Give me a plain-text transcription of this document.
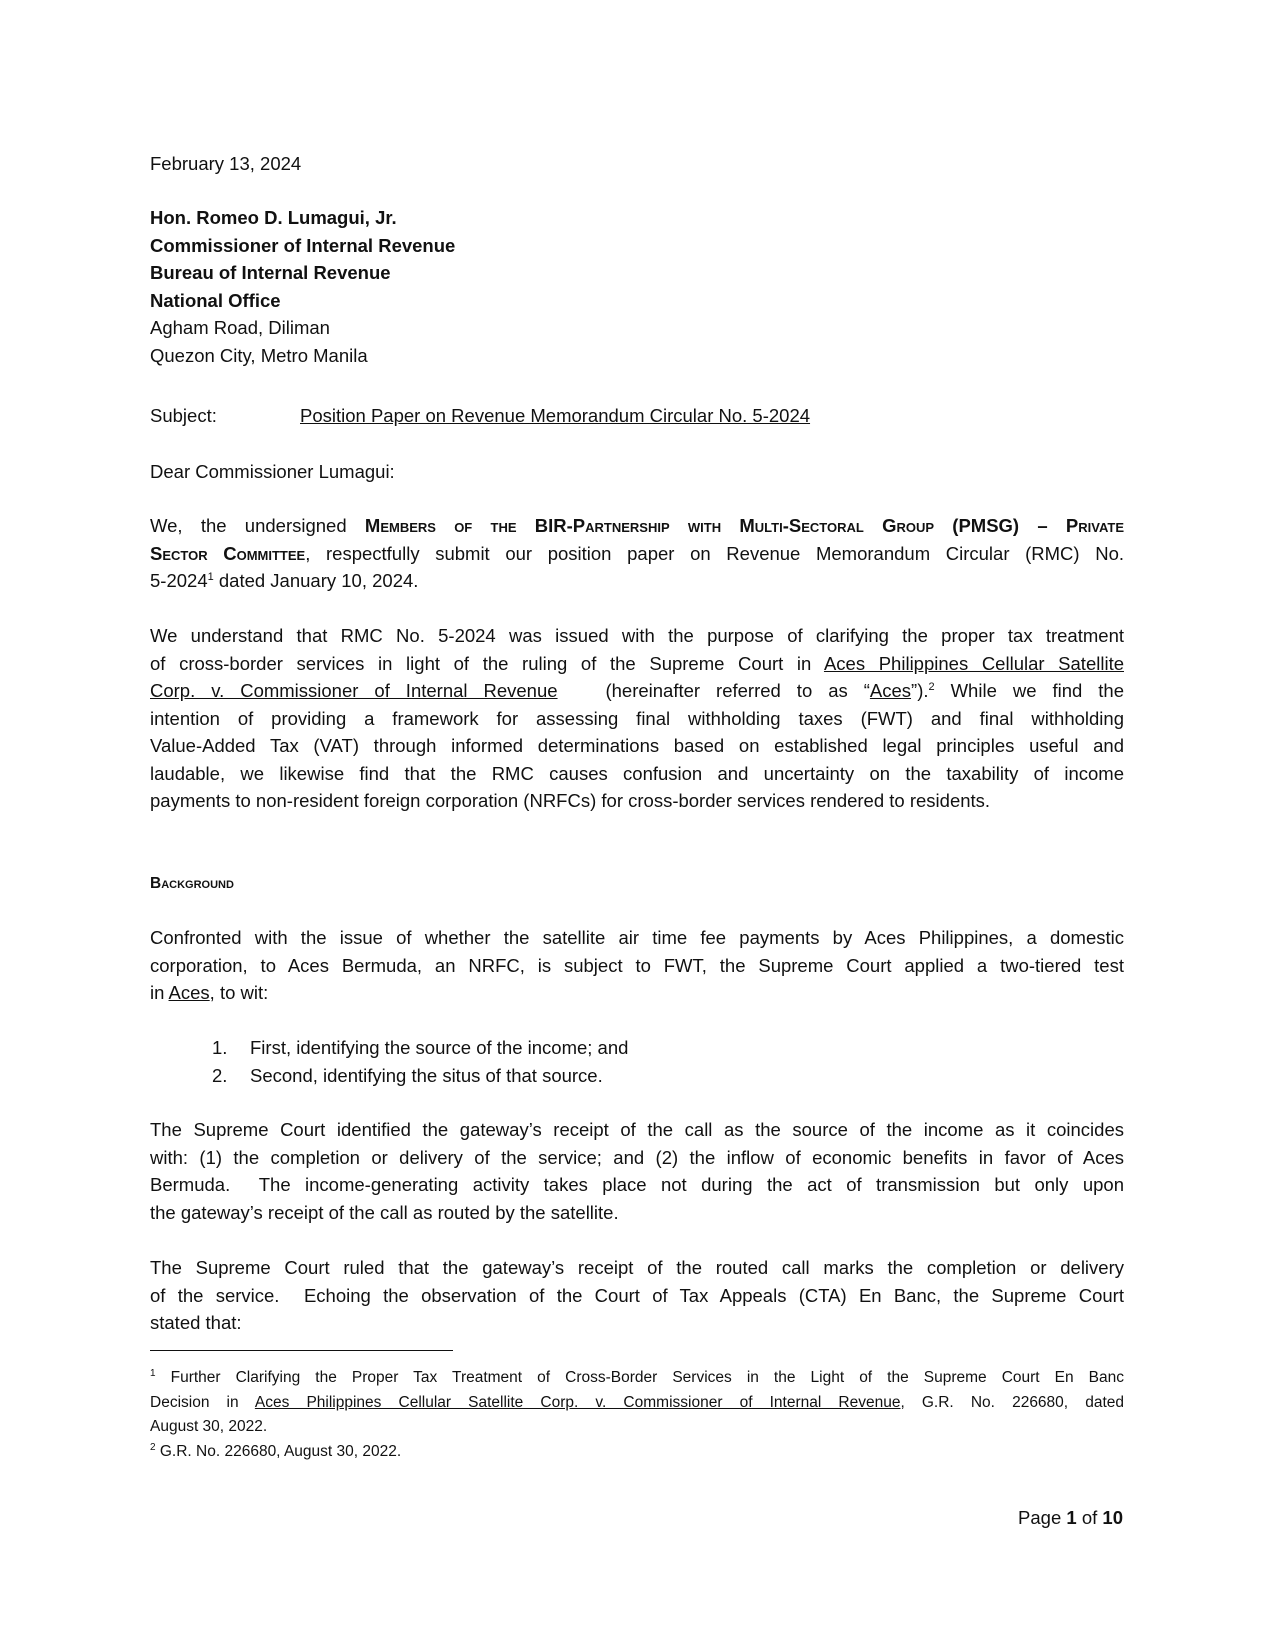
February 13, 2024
Hon. Romeo D. Lumagui, Jr.
Commissioner of Internal Revenue
Bureau of Internal Revenue
National Office
Agham Road, Diliman
Quezon City, Metro Manila
Subject:	Position Paper on Revenue Memorandum Circular No. 5-2024
Dear Commissioner Lumagui:
We, the undersigned Members of the BIR-Partnership with Multi-Sectoral Group (PMSG) – Private
Sector Committee, respectfully submit our position paper on Revenue Memorandum Circular (RMC) No.
5-2024$^1$ dated January 10, 2024.
We understand that RMC No. 5-2024 was issued with the purpose of clarifying the proper tax treatment
of cross-border services in light of the ruling of the Supreme Court in Aces Philippines Cellular Satellite
Corp. v. Commissioner of Internal Revenue   (hereinafter referred to as “Aces”).$^2$ While we find the
intention of providing a framework for assessing final withholding taxes (FWT) and final withholding
Value-Added Tax (VAT) through informed determinations based on established legal principles useful and
laudable, we likewise find that the RMC causes confusion and uncertainty on the taxability of income
payments to non-resident foreign corporation (NRFCs) for cross-border services rendered to residents.
Background
Confronted with the issue of whether the satellite air time fee payments by Aces Philippines, a domestic
corporation, to Aces Bermuda, an NRFC, is subject to FWT, the Supreme Court applied a two-tiered test
in Aces, to wit:
1. First, identifying the source of the income; and
2. Second, identifying the situs of that source.
The Supreme Court identified the gateway’s receipt of the call as the source of the income as it coincides
with: (1) the completion or delivery of the service; and (2) the inflow of economic benefits in favor of Aces
Bermuda.  The income-generating activity takes place not during the act of transmission but only upon
the gateway’s receipt of the call as routed by the satellite.
The Supreme Court ruled that the gateway’s receipt of the routed call marks the completion or delivery
of the service.  Echoing the observation of the Court of Tax Appeals (CTA) En Banc, the Supreme Court
stated that:
$^1$ Further Clarifying the Proper Tax Treatment of Cross-Border Services in the Light of the Supreme Court En Banc
Decision in Aces Philippines Cellular Satellite Corp. v. Commissioner of Internal Revenue, G.R. No. 226680, dated
August 30, 2022.
$^2$ G.R. No. 226680, August 30, 2022.
Page 1 of 10
